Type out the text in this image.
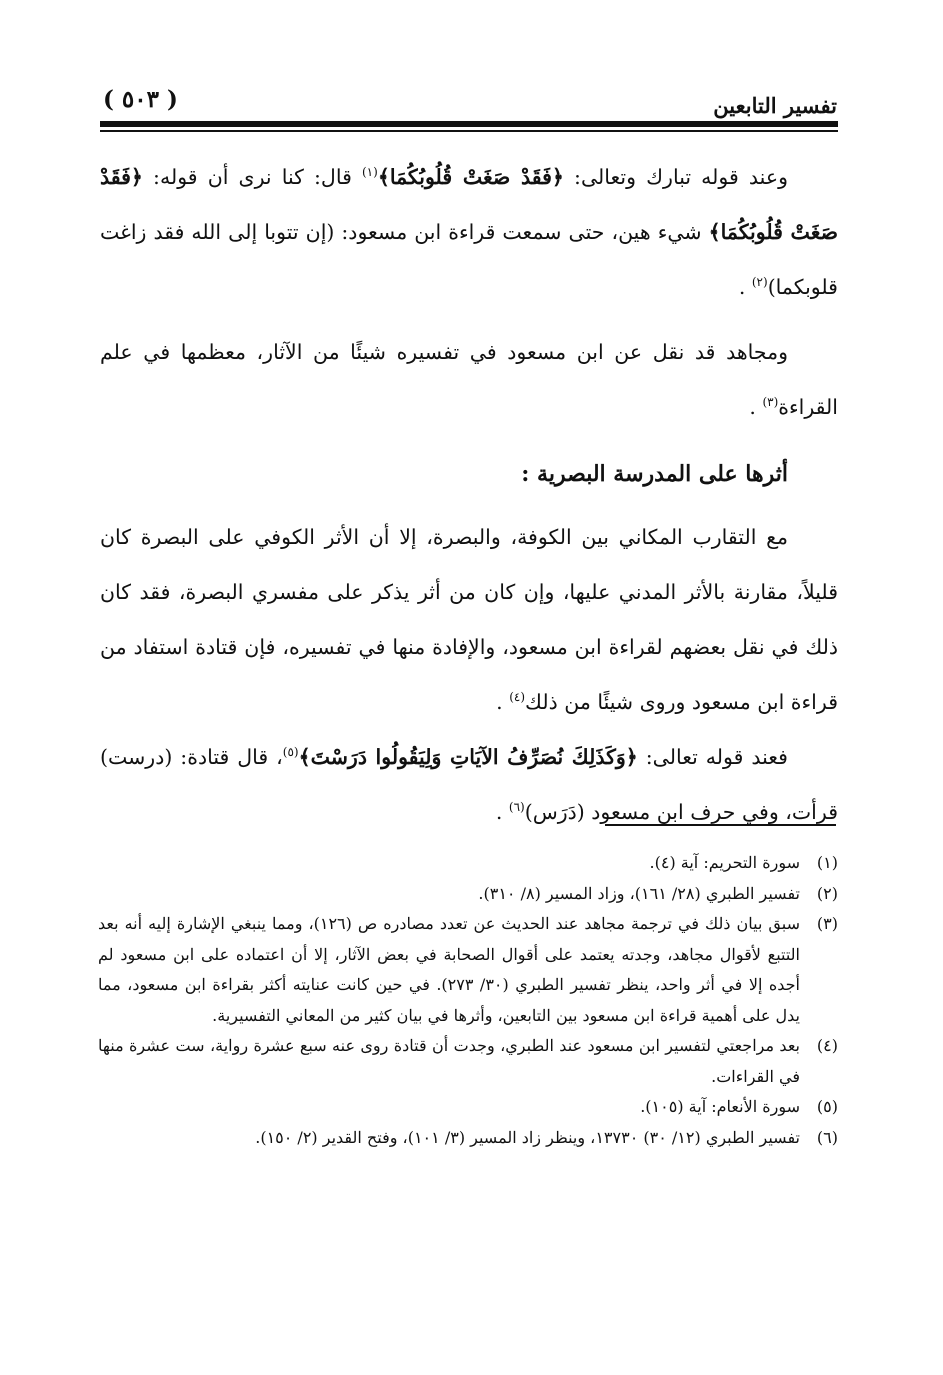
تفسير التابعين
( ٥٠٣ )

وعند قوله تبارك وتعالى: ﴿فَقَدْ صَغَتْ قُلُوبُكُمَا﴾$^{(١)}$ قال: كنا نرى أن قوله: ﴿فَقَدْ صَغَتْ قُلُوبُكُمَا﴾ شيء هين، حتى سمعت قراءة ابن مسعود: (إن تتوبا إلى الله فقد زاغت قلوبكما)$^{(٢)}$ .

ومجاهد قد نقل عن ابن مسعود في تفسيره شيئًا من الآثار، معظمها في علم القراءة$^{(٣)}$ .

أثرها على المدرسة البصرية :

مع التقارب المكاني بين الكوفة، والبصرة، إلا أن الأثر الكوفي على البصرة كان قليلاً، مقارنة بالأثر المدني عليها، وإن كان من أثر يذكر على مفسري البصرة، فقد كان ذلك في نقل بعضهم لقراءة ابن مسعود، والإفادة منها في تفسيره، فإن قتادة استفاد من قراءة ابن مسعود وروى شيئًا من ذلك$^{(٤)}$ .

فعند قوله تعالى: ﴿وَكَذَلِكَ نُصَرِّفُ الآيَاتِ وَلِيَقُولُوا دَرَسْتَ﴾$^{(٥)}$، قال قتادة: (درست) قرأت، وفي حرف ابن مسعود (دَرَس)$^{(٦)}$ .

(١)
سورة التحريم: آية (٤).
(٢)
تفسير الطبري (٢٨/ ١٦١)، وزاد المسير (٨/ ٣١٠).
(٣)
سبق بيان ذلك في ترجمة مجاهد عند الحديث عن تعدد مصادره ص (١٢٦)، ومما ينبغي الإشارة إليه أنه بعد التتبع لأقوال مجاهد، وجدته يعتمد على أقوال الصحابة في بعض الآثار، إلا أن اعتماده على ابن مسعود لم أجده إلا في أثر واحد، ينظر تفسير الطبري (٣٠/ ٢٧٣). في حين كانت عنايته أكثر بقراءة ابن مسعود، مما يدل على أهمية قراءة ابن مسعود بين التابعين، وأثرها في بيان كثير من المعاني التفسيرية.
(٤)
بعد مراجعتي لتفسير ابن مسعود عند الطبري، وجدت أن قتادة روى عنه سبع عشرة رواية، ست عشرة منها في القراءات.
(٥)
سورة الأنعام: آية (١٠٥).
(٦)
تفسير الطبري (١٢/ ٣٠) ١٣٧٣٠، وينظر زاد المسير (٣/ ١٠١)، وفتح القدير (٢/ ١٥٠).
